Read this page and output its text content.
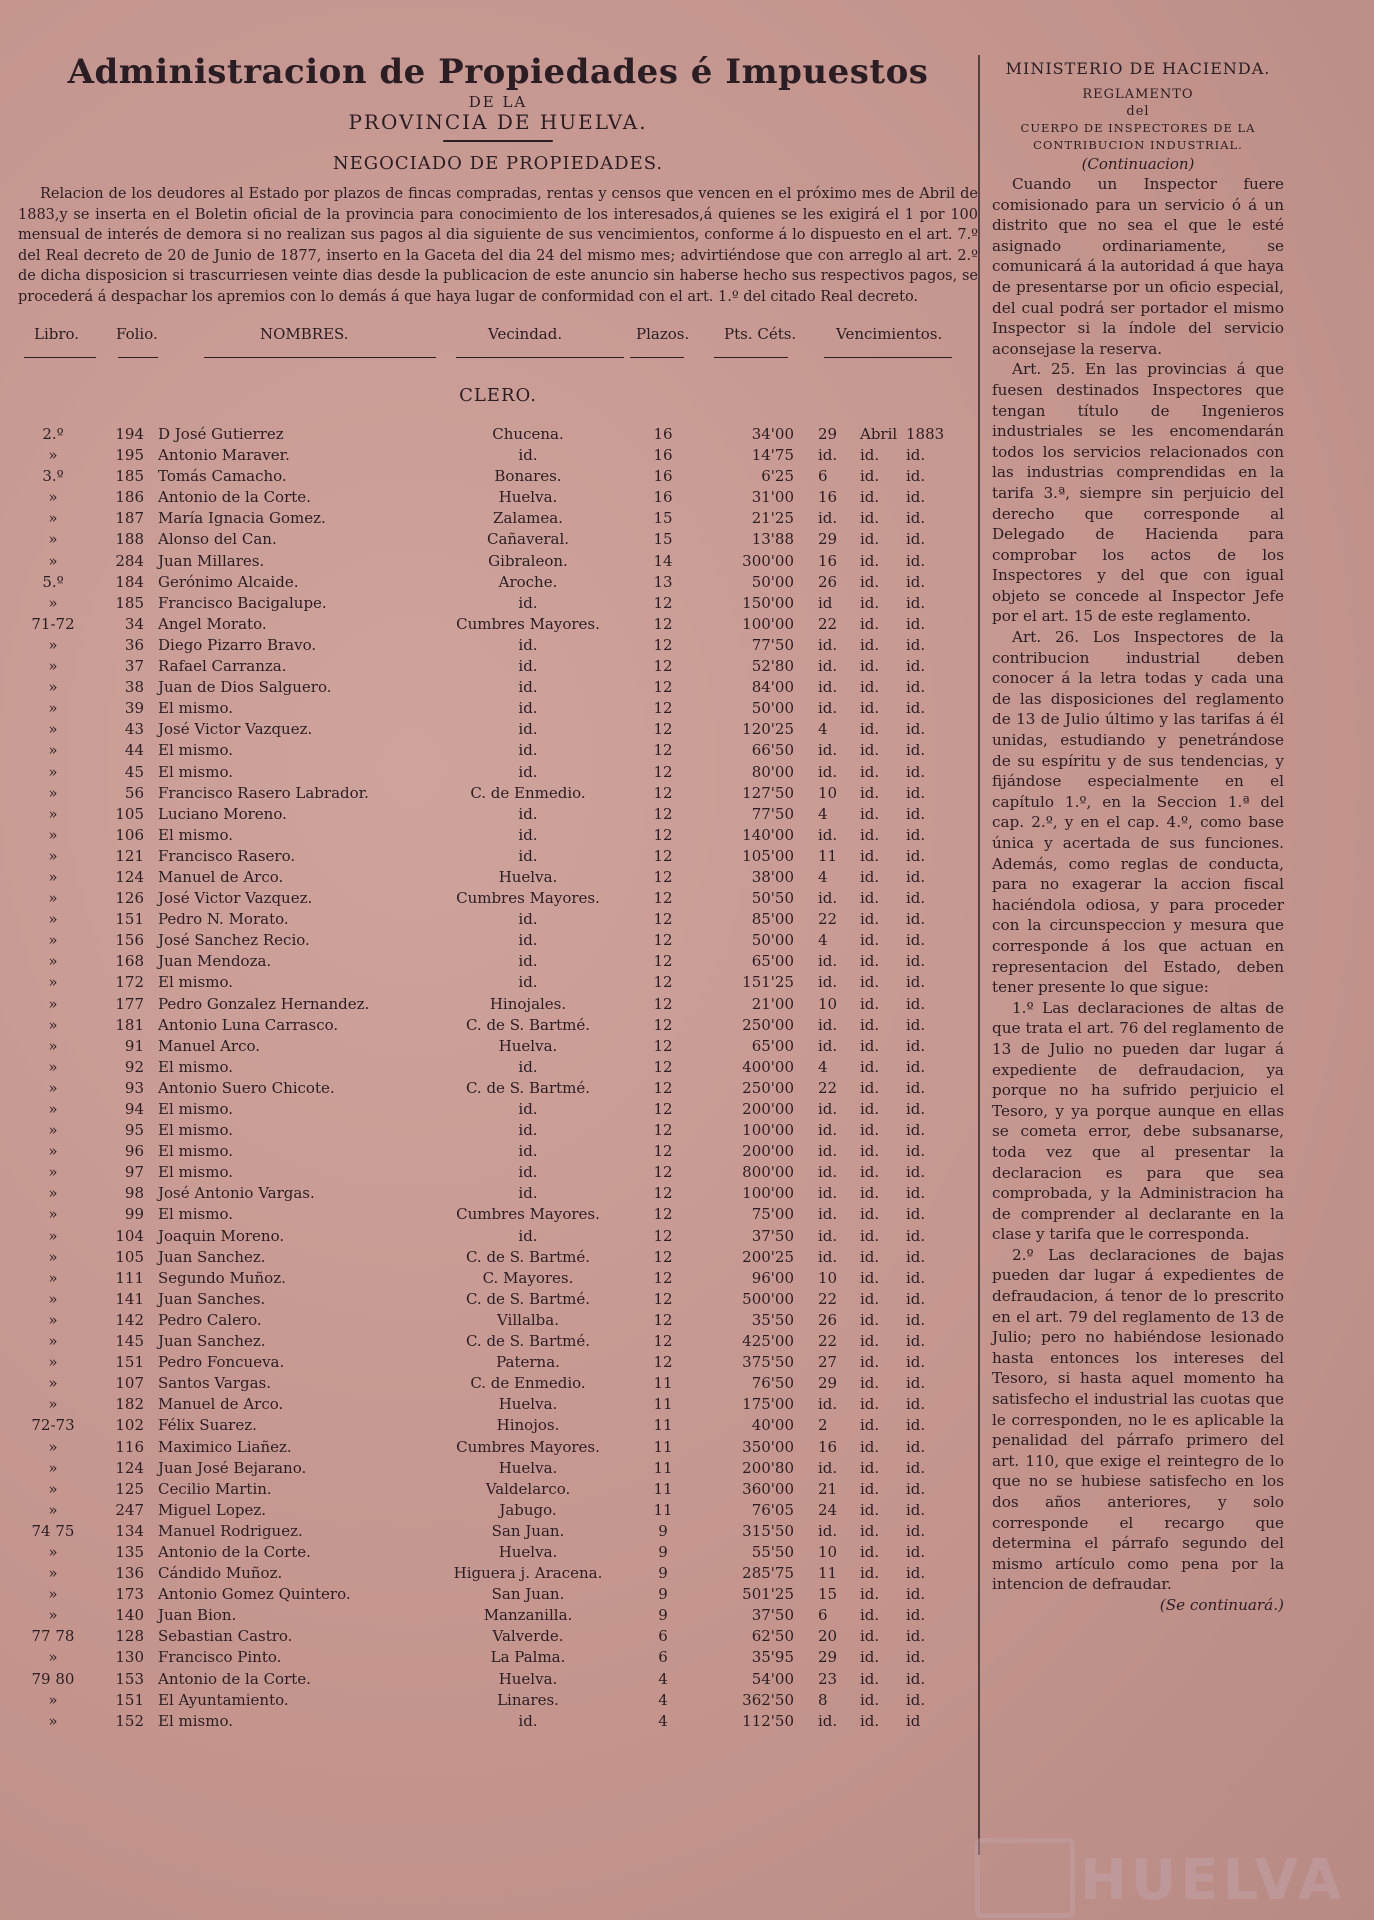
Administracion de Propiedades é Impuestos
DE LA
PROVINCIA DE HUELVA.
NEGOCIADO DE PROPIEDADES.

Relacion de los deudores al Estado por plazos de fincas compradas, rentas y censos que vencen en el próximo mes de Abril de 1883,y se inserta en el Boletin oficial de la provincia para conocimiento de los interesados,á quienes se les exigirá el 1 por 100 mensual de interés de demora si no realizan sus pagos al dia siguiente de sus vencimientos, conforme á lo dispuesto en el art. 7.º del Real decreto de 20 de Junio de 1877, inserto en la Gaceta del dia 24 del mismo mes; advirtiéndose que con arreglo al art. 2.º de dicha disposicion si trascurriesen veinte dias desde la publicacion de este anuncio sin haberse hecho sus respectivos pagos, se procederá á despachar los apremios con lo demás á que haya lugar de conformidad con el art. 1.º del citado Real decreto.

Libro. Folio.	NOMBRES.	Vecindad.	Plazos. Pts. Céts.	Vencimientos.
CLERO.
2.º	194 D José Gutierrez	Chucena.	16	34'00 29 Abril 1883
»	195 Antonio Maraver.	id.	16	14'75 id. id. id.
3.º	185 Tomás Camacho.	Bonares.	16	6'25 6 id. id.
»	186 Antonio de la Corte.	Huelva.	16	31'00 16 id. id.
»	187 María Ignacia Gomez.	Zalamea.	15	21'25 id. id. id.
»	188 Alonso del Can.	Cañaveral.	15	13'88 29 id. id.
»	284 Juan Millares.	Gibraleon.	14	300'00 16 id. id.
5.º	184 Gerónimo Alcaide.	Aroche.	13	50'00 26 id. id.
»	185 Francisco Bacigalupe.	id.	12	150'00 id id. id.
71-72	34 Angel Morato.	Cumbres Mayores.	12	100'00 22 id. id.
»	36 Diego Pizarro Bravo.	id.	12	77'50 id. id. id.
»	37 Rafael Carranza.	id.	12	52'80 id. id. id.
»	38 Juan de Dios Salguero.	id.	12	84'00 id. id. id.
»	39 El mismo.	id.	12	50'00 id. id. id.
»	43 José Victor Vazquez.	id.	12	120'25 4 id. id.
»	44 El mismo.	id.	12	66'50 id. id. id.
»	45 El mismo.	id.	12	80'00 id. id. id.
»	56 Francisco Rasero Labrador.	C. de Enmedio.	12	127'50 10 id. id.
»	105 Luciano Moreno.	id.	12	77'50 4 id. id.
»	106 El mismo.	id.	12	140'00 id. id. id.
»	121 Francisco Rasero.	id.	12	105'00 11 id. id.
»	124 Manuel de Arco.	Huelva.	12	38'00 4 id. id.
»	126 José Victor Vazquez.	Cumbres Mayores.	12	50'50 id. id. id.
»	151 Pedro N. Morato.	id.	12	85'00 22 id. id.
»	156 José Sanchez Recio.	id.	12	50'00 4 id. id.
»	168 Juan Mendoza.	id.	12	65'00 id. id. id.
»	172 El mismo.	id.	12	151'25 id. id. id.
»	177 Pedro Gonzalez Hernandez.	Hinojales.	12	21'00 10 id. id.
»	181 Antonio Luna Carrasco.	C. de S. Bartmé.	12	250'00 id. id. id.
»	91 Manuel Arco.	Huelva.	12	65'00 id. id. id.
»	92 El mismo.	id.	12	400'00 4 id. id.
»	93 Antonio Suero Chicote.	C. de S. Bartmé.	12	250'00 22 id. id.
»	94 El mismo.	id.	12	200'00 id. id. id.
»	95 El mismo.	id.	12	100'00 id. id. id.
»	96 El mismo.	id.	12	200'00 id. id. id.
»	97 El mismo.	id.	12	800'00 id. id. id.
»	98 José Antonio Vargas.	id.	12	100'00 id. id. id.
»	99 El mismo.	Cumbres Mayores.	12	75'00 id. id. id.
»	104 Joaquin Moreno.	id.	12	37'50 id. id. id.
»	105 Juan Sanchez.	C. de S. Bartmé.	12	200'25 id. id. id.
»	111 Segundo Muñoz.	C. Mayores.	12	96'00 10 id. id.
»	141 Juan Sanches.	C. de S. Bartmé.	12	500'00 22 id. id.
»	142 Pedro Calero.	Villalba.	12	35'50 26 id. id.
»	145 Juan Sanchez.	C. de S. Bartmé.	12	425'00 22 id. id.
»	151 Pedro Foncueva.	Paterna.	12	375'50 27 id. id.
»	107 Santos Vargas.	C. de Enmedio.	11	76'50 29 id. id.
»	182 Manuel de Arco.	Huelva.	11	175'00 id. id. id.
72-73	102 Félix Suarez.	Hinojos.	11	40'00 2 id. id.
»	116 Maximico Liañez.	Cumbres Mayores.	11	350'00 16 id. id.
»	124 Juan José Bejarano.	Huelva.	11	200'80 id. id. id.
»	125 Cecilio Martin.	Valdelarco.	11	360'00 21 id. id.
»	247 Miguel Lopez.	Jabugo.	11	76'05 24 id. id.
74 75	134 Manuel Rodriguez.	San Juan.	9	315'50 id. id. id.
»	135 Antonio de la Corte.	Huelva.	9	55'50 10 id. id.
»	136 Cándido Muñoz.	Higuera j. Aracena.	9	285'75 11 id. id.
»	173 Antonio Gomez Quintero.	San Juan.	9	501'25 15 id. id.
»	140 Juan Bion.	Manzanilla.	9	37'50 6 id. id.
77 78	128 Sebastian Castro.	Valverde.	6	62'50 20 id. id.
»	130 Francisco Pinto.	La Palma.	6	35'95 29 id. id.
79 80	153 Antonio de la Corte.	Huelva.	4	54'00 23 id. id.
»	151 El Ayuntamiento.	Linares.	4	362'50 8 id. id.
»	152 El mismo.	id.	4	112'50 id. id. id
MINISTERIO DE HACIENDA.
REGLAMENTO
del
CUERPO DE INSPECTORES DE LA
CONTRIBUCION INDUSTRIAL.
(Continuacion)

Cuando un Inspector fuere comisionado para un servicio ó á un distrito que no sea el que le esté asignado ordinariamente, se comunicará á la autoridad á que haya de presentarse por un oficio especial, del cual podrá ser portador el mismo Inspector si la índole del servicio aconsejase la reserva.

Art. 25. En las provincias á que fuesen destinados Inspectores que tengan título de Ingenieros industriales se les encomendarán todos los servicios relacionados con las industrias comprendidas en la tarifa 3.ª, siempre sin perjuicio del derecho que corresponde al Delegado de Hacienda para comprobar los actos de los Inspectores y del que con igual objeto se concede al Inspector Jefe por el art. 15 de este reglamento.

Art. 26. Los Inspectores de la contribucion industrial deben conocer á la letra todas y cada una de las disposiciones del reglamento de 13 de Julio último y las tarifas á él unidas, estudiando y penetrándose de su espíritu y de sus tendencias, y fijándose especialmente en el capítulo 1.º, en la Seccion 1.ª del cap. 2.º, y en el cap. 4.º, como base única y acertada de sus funciones. Además, como reglas de conducta, para no exagerar la accion fiscal haciéndola odiosa, y para proceder con la circunspeccion y mesura que corresponde á los que actuan en representacion del Estado, deben tener presente lo que sigue:

1.º Las declaraciones de altas de que trata el art. 76 del reglamento de 13 de Julio no pueden dar lugar á expediente de defraudacion, ya porque no ha sufrido perjuicio el Tesoro, y ya porque aunque en ellas se cometa error, debe subsanarse, toda vez que al presentar la declaracion es para que sea comprobada, y la Administracion ha de comprender al declarante en la clase y tarifa que le corresponda.

2.º Las declaraciones de bajas pueden dar lugar á expedientes de defraudacion, á tenor de lo prescrito en el art. 79 del reglamento de 13 de Julio; pero no habiéndose lesionado hasta entonces los intereses del Tesoro, si hasta aquel momento ha satisfecho el industrial las cuotas que le corresponden, no le es aplicable la penalidad del párrafo primero del art. 110, que exige el reintegro de lo que no se hubiese satisfecho en los dos años anteriores, y solo corresponde el recargo que determina el párrafo segundo del mismo artículo como pena por la intencion de defraudar.

(Se continuará.)

HUELVA
